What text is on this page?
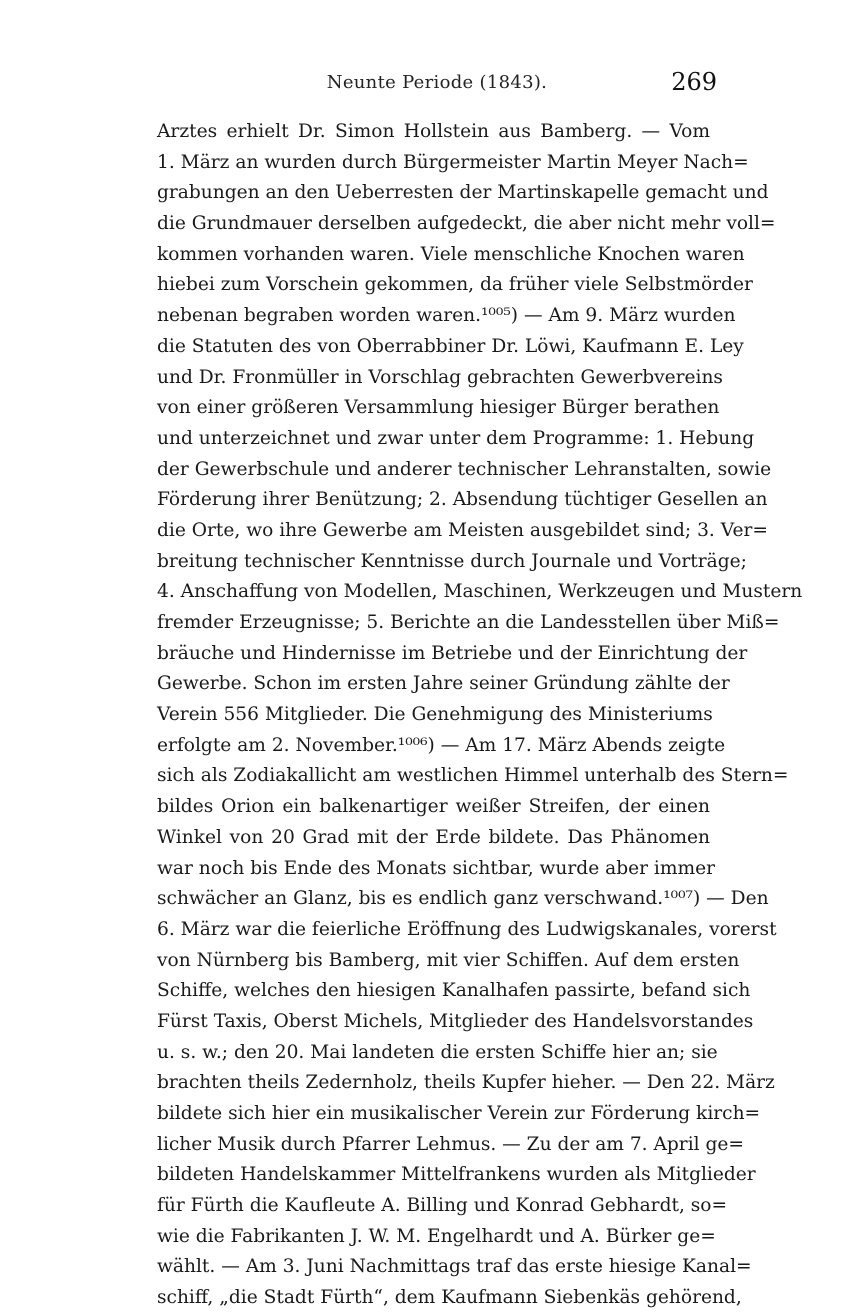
Neunte Periode (1843).	269
Arztes erhielt Dr. Simon Hollstein aus Bamberg. — Vom
1. März an wurden durch Bürgermeister Martin Meyer Nach=
grabungen an den Ueberresten der Martinskapelle gemacht und
die Grundmauer derselben aufgedeckt, die aber nicht mehr voll=
kommen vorhanden waren. Viele menschliche Knochen waren
hiebei zum Vorschein gekommen, da früher viele Selbstmörder
nebenan begraben worden waren.¹⁰⁰⁵) — Am 9. März wurden
die Statuten des von Oberrabbiner Dr. Löwi, Kaufmann E. Ley
und Dr. Fronmüller in Vorschlag gebrachten Gewerbvereins
von einer größeren Versammlung hiesiger Bürger berathen
und unterzeichnet und zwar unter dem Programme: 1. Hebung
der Gewerbschule und anderer technischer Lehranstalten, sowie
Förderung ihrer Benützung; 2. Absendung tüchtiger Gesellen an
die Orte, wo ihre Gewerbe am Meisten ausgebildet sind; 3. Ver=
breitung technischer Kenntnisse durch Journale und Vorträge;
4. Anschaffung von Modellen, Maschinen, Werkzeugen und Mustern
fremder Erzeugnisse; 5. Berichte an die Landesstellen über Miß=
bräuche und Hindernisse im Betriebe und der Einrichtung der
Gewerbe. Schon im ersten Jahre seiner Gründung zählte der
Verein 556 Mitglieder. Die Genehmigung des Ministeriums
erfolgte am 2. November.¹⁰⁰⁶) — Am 17. März Abends zeigte
sich als Zodiakallicht am westlichen Himmel unterhalb des Stern=
bildes Orion ein balkenartiger weißer Streifen, der einen
Winkel von 20 Grad mit der Erde bildete. Das Phänomen
war noch bis Ende des Monats sichtbar, wurde aber immer
schwächer an Glanz, bis es endlich ganz verschwand.¹⁰⁰⁷) — Den
6. März war die feierliche Eröffnung des Ludwigskanales, vorerst
von Nürnberg bis Bamberg, mit vier Schiffen. Auf dem ersten
Schiffe, welches den hiesigen Kanalhafen passirte, befand sich
Fürst Taxis, Oberst Michels, Mitglieder des Handelsvorstandes
u. s. w.; den 20. Mai landeten die ersten Schiffe hier an; sie
brachten theils Zedernholz, theils Kupfer hieher. — Den 22. März
bildete sich hier ein musikalischer Verein zur Förderung kirch=
licher Musik durch Pfarrer Lehmus. — Zu der am 7. April ge=
bildeten Handelskammer Mittelfrankens wurden als Mitglieder
für Fürth die Kaufleute A. Billing und Konrad Gebhardt, so=
wie die Fabrikanten J. W. M. Engelhardt und A. Bürker ge=
wählt. — Am 3. Juni Nachmittags traf das erste hiesige Kanal=
schiff, „die Stadt Fürth“, dem Kaufmann Siebenkäs gehörend,
